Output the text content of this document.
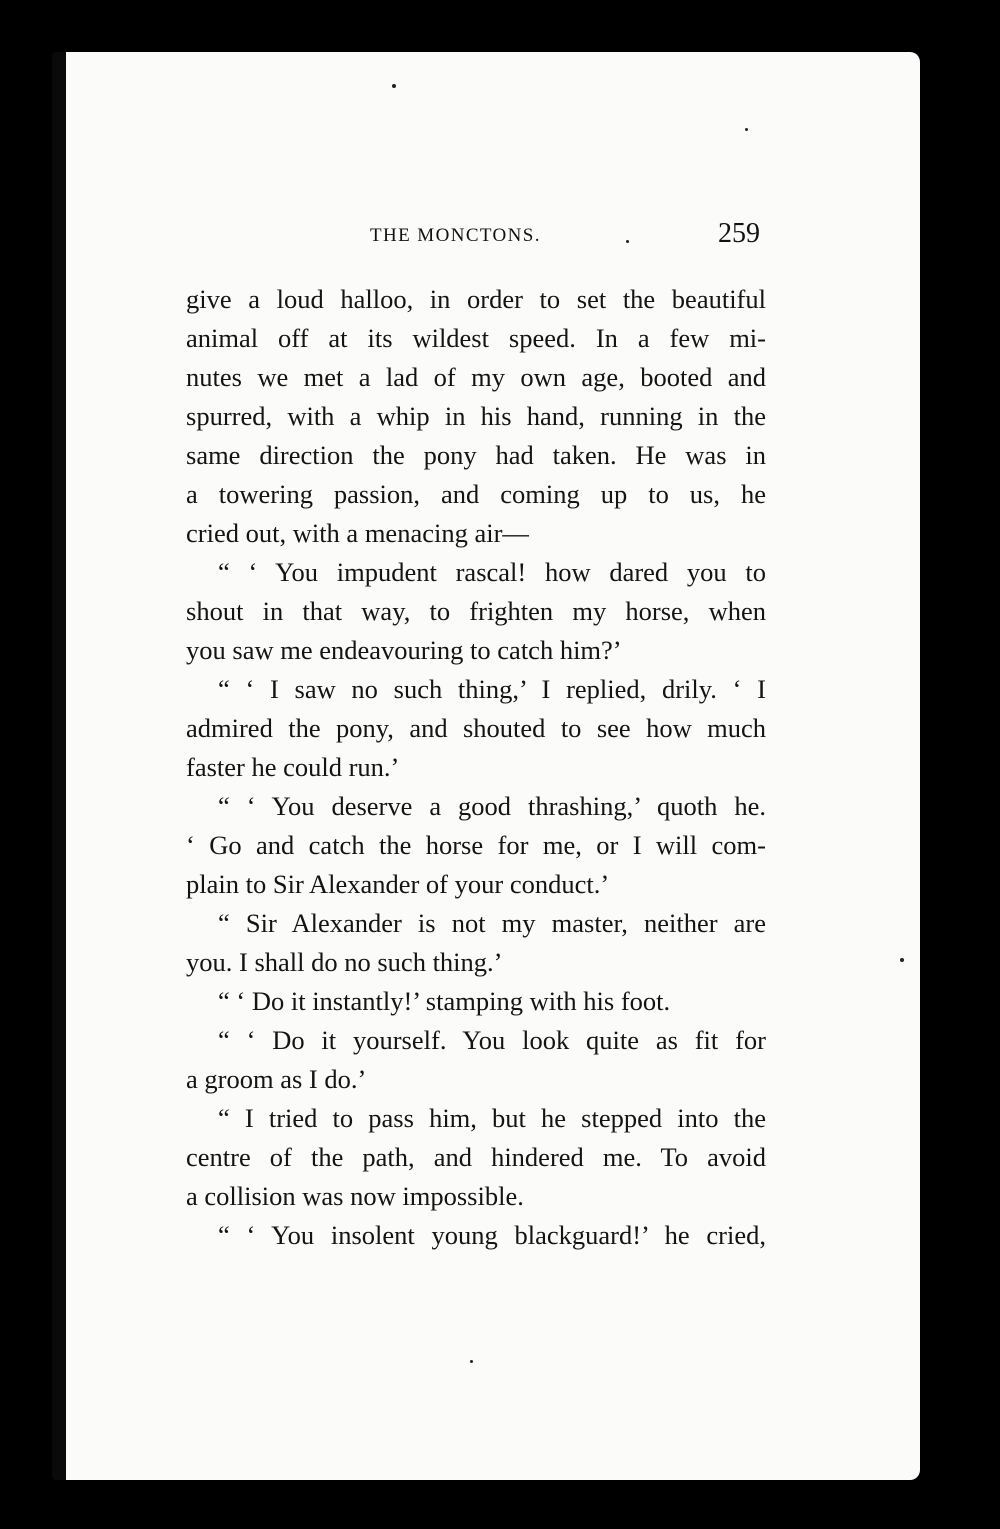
THE MONCTONS.	259
give a loud halloo, in order to set the beautiful
animal off at its wildest speed. In a few mi-
nutes we met a lad of my own age, booted and
spurred, with a whip in his hand, running in the
same direction the pony had taken. He was in
a towering passion, and coming up to us, he
cried out, with a menacing air—
“ ‘ You impudent rascal! how dared you to
shout in that way, to frighten my horse, when
you saw me endeavouring to catch him?’
“ ‘ I saw no such thing,’ I replied, drily. ‘ I
admired the pony, and shouted to see how much
faster he could run.’
“ ‘ You deserve a good thrashing,’ quoth he.
‘ Go and catch the horse for me, or I will com-
plain to Sir Alexander of your conduct.’
“ Sir Alexander is not my master, neither are
you. I shall do no such thing.’
“ ‘ Do it instantly!’ stamping with his foot.
“ ‘ Do it yourself. You look quite as fit for
a groom as I do.’
“ I tried to pass him, but he stepped into the
centre of the path, and hindered me. To avoid
a collision was now impossible.
“ ‘ You insolent young blackguard!’ he cried,
